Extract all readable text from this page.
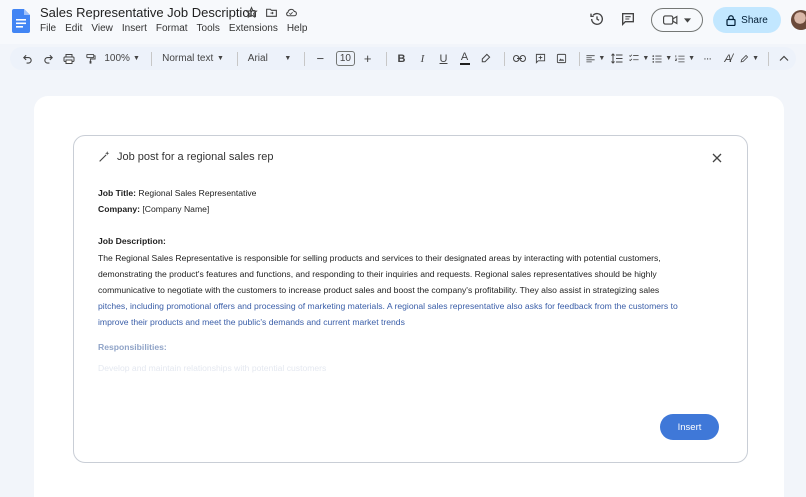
Sales Representative Job Description
File Edit View Insert Format Tools Extensions Help
Share
100% ▼ Normal text ▼ Arial ▼	−	10 +	B	I	U	A	▼	▼ ▼ ▼ ···	A̸	▼
Job post for a regional sales rep
Job Title: Regional Sales Representative
Company: [Company Name]
Job Description:
The Regional Sales Representative is responsible for selling products and services to their designated areas by interacting with potential customers,
demonstrating the product's features and functions, and responding to their inquiries and requests. Regional sales representatives should be highly
communicative to negotiate with the customers to increase product sales and boost the company's profitability. They also assist in strategizing sales
pitches, including promotional offers and processing of marketing materials. A regional sales representative also asks for feedback from the customers to
improve their products and meet the public's demands and current market trends
Responsibilities:
Develop and maintain relationships with potential customers
Insert
